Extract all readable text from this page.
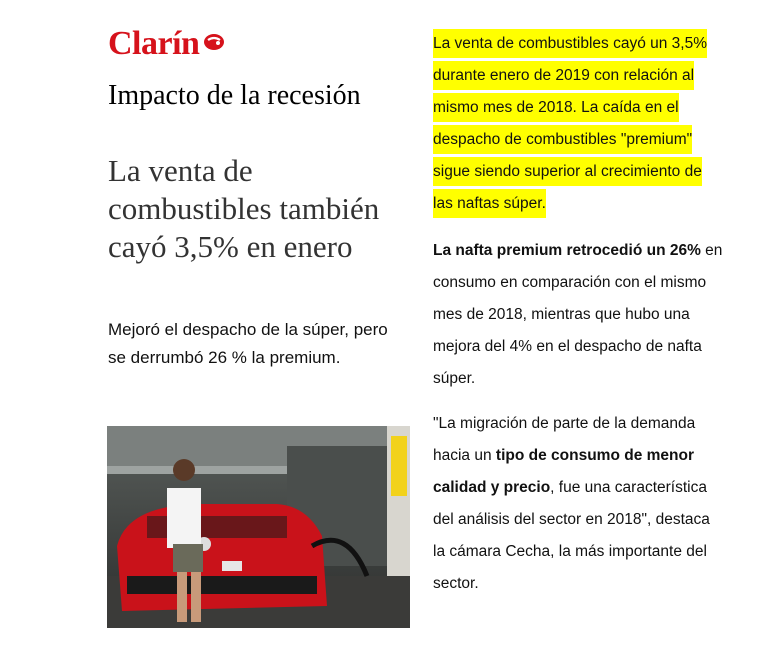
Clarín
Impacto de la recesión
La venta de combustibles también cayó 3,5% en enero
Mejoró el despacho de la súper, pero se derrumbó 26 % la premium.
La venta de combustibles cayó un 3,5% durante enero de 2019 con relación al mismo mes de 2018. La caída en el despacho de combustibles "premium" sigue siendo superior al crecimiento de las naftas súper.
La nafta premium retrocedió un 26% en consumo en comparación con el mismo mes de 2018, mientras que hubo una mejora del 4% en el despacho de nafta súper.
"La migración de parte de la demanda hacia un tipo de consumo de menor calidad y precio, fue una característica del análisis del sector en 2018", destaca la cámara Cecha, la más importante del sector.
